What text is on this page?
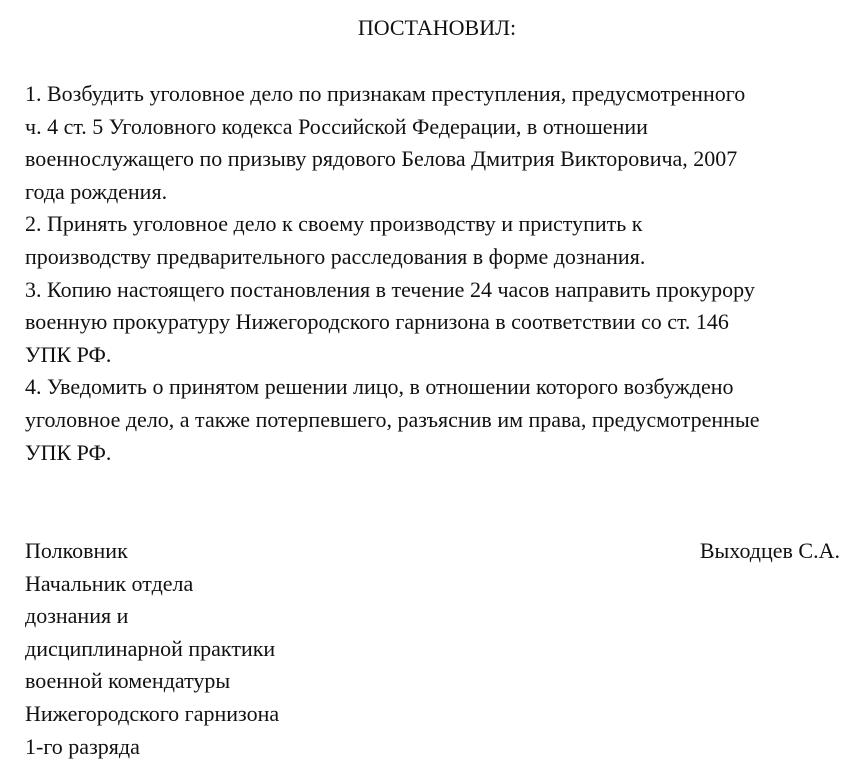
ПОСТАНОВИЛ:
1. Возбудить уголовное дело по признакам преступления, предусмотренного
ч. 4 ст. 5 Уголовного кодекса Российской Федерации, в отношении
военнослужащего по призыву рядового Белова Дмитрия Викторовича, 2007
года рождения.
2. Принять уголовное дело к своему производству и приступить к
производству предварительного расследования в форме дознания.
3. Копию настоящего постановления в течение 24 часов направить прокурору
военную прокуратуру Нижегородского гарнизона в соответствии со ст. 146
УПК РФ.
4. Уведомить о принятом решении лицо, в отношении которого возбуждено
уголовное дело, а также потерпевшего, разъяснив им права, предусмотренные
УПК РФ.
Полковник
Начальник отдела
дознания и
дисциплинарной практики
военной комендатуры
Нижегородского гарнизона
1-го разряда
Выходцев С.А.
